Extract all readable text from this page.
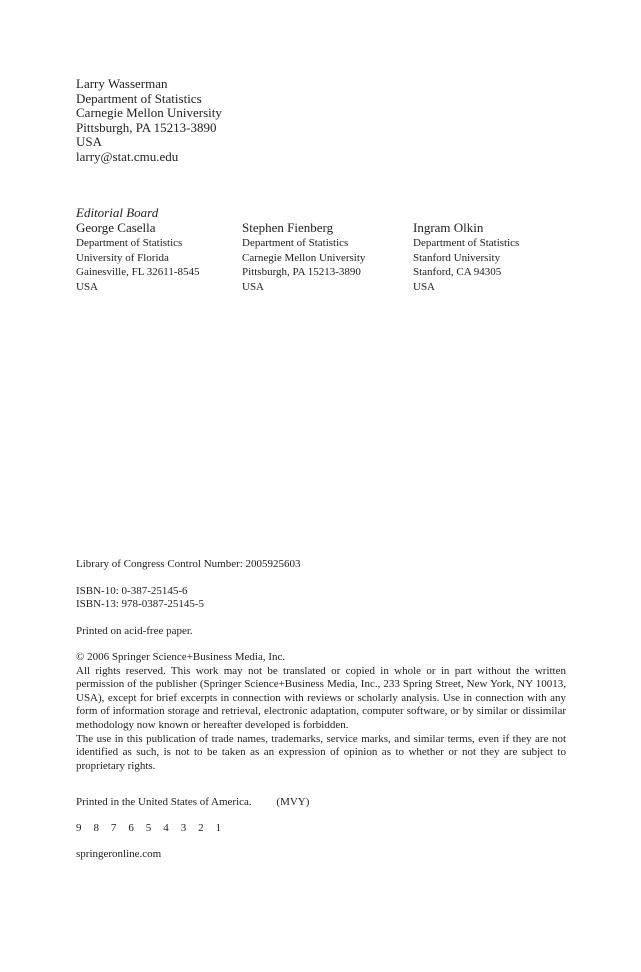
Larry Wasserman
Department of Statistics
Carnegie Mellon University
Pittsburgh, PA 15213-3890
USA
larry@stat.cmu.edu
Editorial Board
George Casella
Department of Statistics
University of Florida
Gainesville, FL 32611-8545
USA
Stephen Fienberg
Department of Statistics
Carnegie Mellon University
Pittsburgh, PA 15213-3890
USA
Ingram Olkin
Department of Statistics
Stanford University
Stanford, CA 94305
USA
Library of Congress Control Number: 2005925603
ISBN-10: 0-387-25145-6
ISBN-13: 978-0387-25145-5
Printed on acid-free paper.
© 2006 Springer Science+Business Media, Inc.
All rights reserved. This work may not be translated or copied in whole or in part without the written permission of the publisher (Springer Science+Business Media, Inc., 233 Spring Street, New York, NY 10013, USA), except for brief excerpts in connection with reviews or scholarly analysis. Use in connection with any form of information storage and retrieval, electronic adaptation, computer software, or by similar or dissimilar methodology now known or hereafter developed is forbidden.
The use in this publication of trade names, trademarks, service marks, and similar terms, even if they are not identified as such, is not to be taken as an expression of opinion as to whether or not they are subject to proprietary rights.
Printed in the United States of America. (MVY)
9 8 7 6 5 4 3 2 1
springeronline.com
